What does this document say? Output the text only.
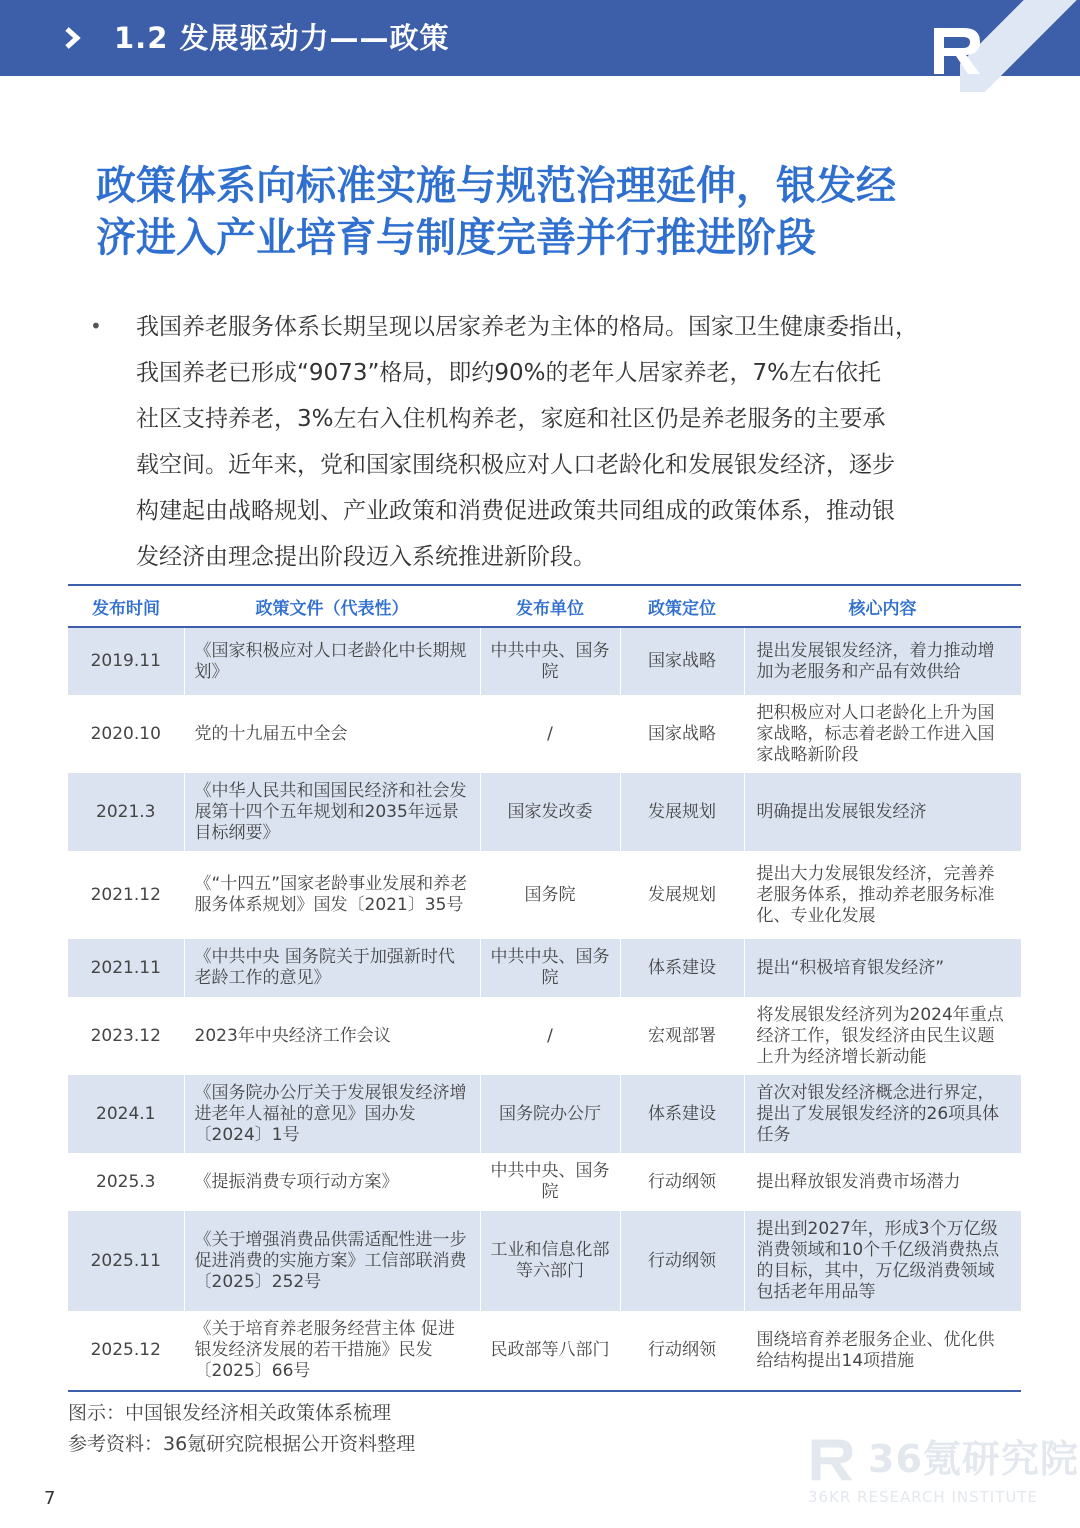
1.2 发展驱动力——政策
政策体系向标准实施与规范治理延伸，银发经
济进入产业培育与制度完善并行推进阶段
• 我国养老服务体系长期呈现以居家养老为主体的格局。国家卫生健康委指出，
我国养老已形成“9073”格局，即约90%的老年人居家养老，7%左右依托
社区支持养老，3%左右入住机构养老，家庭和社区仍是养老服务的主要承
载空间。近年来，党和国家围绕积极应对人口老龄化和发展银发经济，逐步
构建起由战略规划、产业政策和消费促进政策共同组成的政策体系，推动银
发经济由理念提出阶段迈入系统推进新阶段。
发布时间	政策文件（代表性）	发布单位	政策定位	核心内容
2019.11	《国家积极应对人口老龄化中长期规划》	中共中央、国务院	国家战略	提出发展银发经济，着力推动增加为老服务和产品有效供给
2020.10	党的十九届五中全会	/	国家战略	把积极应对人口老龄化上升为国家战略，标志着老龄工作进入国家战略新阶段
2021.3	《中华人民共和国国民经济和社会发展第十四个五年规划和2035年远景目标纲要》	国家发改委	发展规划	明确提出发展银发经济
2021.12	《“十四五”国家老龄事业发展和养老服务体系规划》国发〔2021〕35号	国务院	发展规划	提出大力发展银发经济，完善养老服务体系，推动养老服务标准化、专业化发展
2021.11	《中共中央 国务院关于加强新时代老龄工作的意见》	中共中央、国务院	体系建设	提出“积极培育银发经济”
2023.12	2023年中央经济工作会议	/	宏观部署	将发展银发经济列为2024年重点经济工作，银发经济由民生议题上升为经济增长新动能
2024.1	《国务院办公厅关于发展银发经济增进老年人福祉的意见》国办发〔2024〕1号	国务院办公厅	体系建设	首次对银发经济概念进行界定，提出了发展银发经济的26项具体任务
2025.3	《提振消费专项行动方案》	中共中央、国务院	行动纲领	提出释放银发消费市场潜力
2025.11	《关于增强消费品供需适配性进一步促进消费的实施方案》工信部联消费〔2025〕252号	工业和信息化部等六部门	行动纲领	提出到2027年，形成3个万亿级消费领域和10个千亿级消费热点的目标，其中，万亿级消费领域包括老年用品等
2025.12	《关于培育养老服务经营主体 促进银发经济发展的若干措施》民发〔2025〕66号	民政部等八部门	行动纲领	围绕培育养老服务企业、优化供给结构提出14项措施
图示：中国银发经济相关政策体系梳理
参考资料：36氪研究院根据公开资料整理
7
36氪研究院
36KR RESEARCH INSTITUTE
